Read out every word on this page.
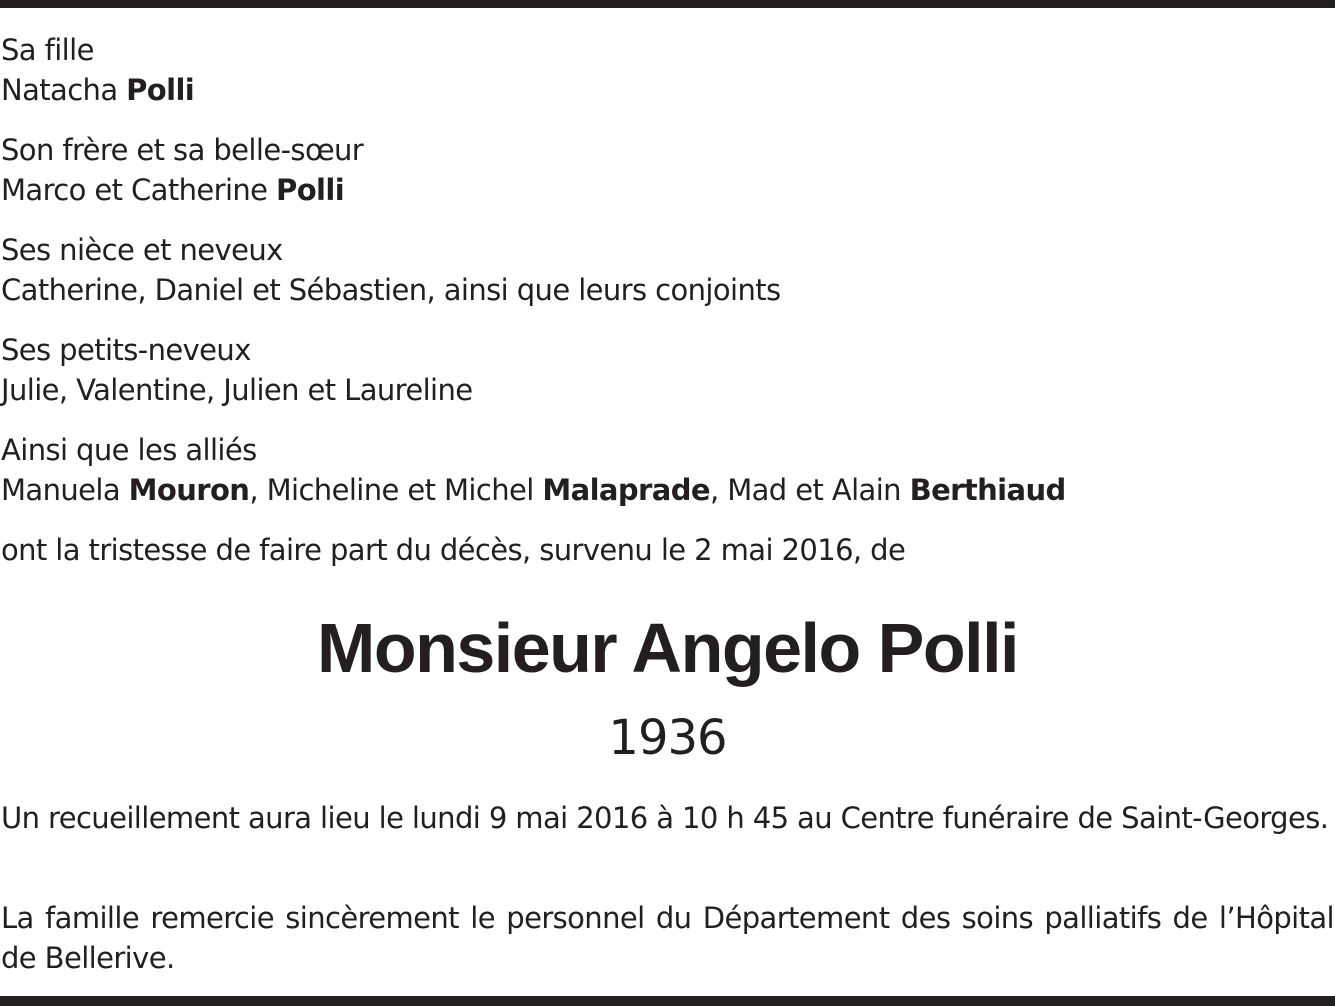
Sa fille
Natacha Polli
Son frère et sa belle-sœur
Marco et Catherine Polli
Ses nièce et neveux
Catherine, Daniel et Sébastien, ainsi que leurs conjoints
Ses petits-neveux
Julie, Valentine, Julien et Laureline
Ainsi que les alliés
Manuela Mouron, Micheline et Michel Malaprade, Mad et Alain Berthiaud
ont la tristesse de faire part du décès, survenu le 2 mai 2016, de
Monsieur Angelo Polli
1936
Un recueillement aura lieu le lundi 9 mai 2016 à 10 h 45 au Centre funéraire de Saint-Georges.
La famille remercie sincèrement le personnel du Département des soins palliatifs de l’Hôpital de Bellerive.
